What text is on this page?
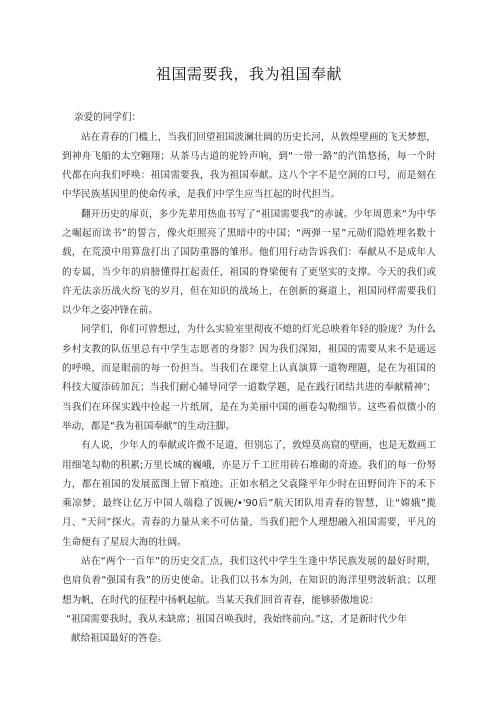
祖国需要我，我为祖国奉献

亲爱的同学们：

站在青春的门槛上，当我们回望祖国波澜壮阔的历史长河，从敦煌壁画的飞天梦想，到神舟飞船的太空翱翔；从茶马古道的驼铃声响，到“一带一路”的汽笛悠扬，每一个时代都在向我们呼唤：祖国需要我，我为祖国奉献。这八个字不是空洞的口号，而是刻在中华民族基因里的使命传承，是我们中学生应当扛起的时代担当。

翻开历史的扉页，多少先辈用热血书写了“祖国需要我”的赤诚。少年周恩来“为中华之崛起而读书”的誓言，像火炬照亮了黑暗中的中国；“两弹一星”元勋们隐姓埋名数十载，在荒漠中用算盘打出了国防重器的雏形。他们用行动告诉我们：奉献从不是成年人的专属，当少年的肩膀懂得扛起责任，祖国的脊梁便有了更坚实的支撑。今天的我们或许无法亲历战火纷飞的岁月，但在知识的战场上，在创新的赛道上，祖国同样需要我们以少年之姿冲锋在前。

同学们，你们可曾想过，为什么实验室里彻夜不熄的灯光总映着年轻的脸庞？为什么乡村支教的队伍里总有中学生志愿者的身影？因为我们深知，祖国的需要从来不是遥远的呼唤，而是眼前的每一份担当。当我们在课堂上认真演算一道物理题，是在为祖国的科技大厦添砖加瓦；当我们耐心辅导同学一道数学题，是在践行团结共进的奉献精神’；当我们在环保实践中捡起一片纸屑，是在为美丽中国的画卷勾勒细节。这些看似微小的举动，都是“我为祖国奉献”的生动注脚。

有人说，少年人的奉献或许微不足道，但别忘了，敦煌莫高窟的壁画，也是无数画工用细笔勾勒的积累;万里长城的巍峨，亦是万千工匠用砖石堆砌的奇迹。我们的每一份努力，都在祖国的发展蓝图上留下痕迹。正如水稻之父袁隆平年少时在田野间许下的禾下乘凉梦，最终让亿万中国人端稳了饭碗/•'90后”航天团队用青春的智慧，让“嫦娥”揽月、“天问”探火。青春的力量从来不可估量，当我们把个人理想融入祖国需要，平凡的生命便有了星辰大海的壮阔。

站在“两个一百年”的历史交汇点，我们这代中学生生逢中华民族发展的最好时期，也肩负着“强国有我”的历史使命。让我们以书本为剑，在知识的海洋里劈波斩浪；以理想为帆，在时代的征程中扬帆起航。当某天我们回首青春，能够骄傲地说：

“祖国需要我时，我从未缺席；祖国召唤我时，我始终前向。”这，才是新时代少年
献给祖国最好的答卷。
